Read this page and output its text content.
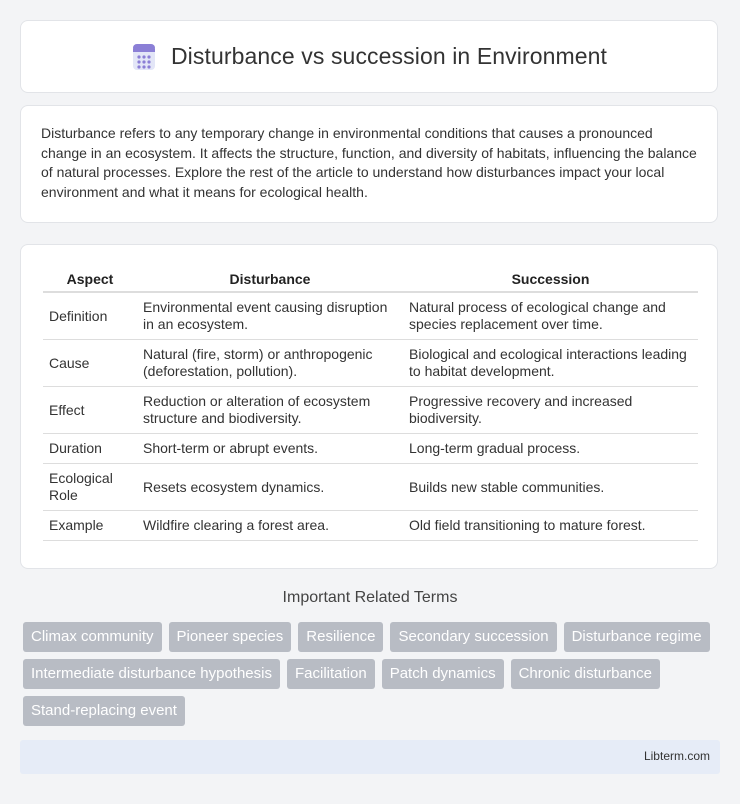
Disturbance vs succession in Environment

Disturbance refers to any temporary change in environmental conditions that causes a pronounced change in an ecosystem. It affects the structure, function, and diversity of habitats, influencing the balance of natural processes. Explore the rest of the article to understand how disturbances impact your local environment and what it means for ecological health.

Aspect	Disturbance	Succession
Definition	Environmental event causing disruption in an ecosystem.	Natural process of ecological change and species replacement over time.
Cause	Natural (fire, storm) or anthropogenic (deforestation, pollution).	Biological and ecological interactions leading to habitat development.
Effect	Reduction or alteration of ecosystem structure and biodiversity.	Progressive recovery and increased biodiversity.
Duration	Short-term or abrupt events.	Long-term gradual process.
Ecological Role	Resets ecosystem dynamics.	Builds new stable communities.
Example	Wildfire clearing a forest area.	Old field transitioning to mature forest.
Important Related Terms
Climax community	Pioneer species	Resilience	Secondary succession	Disturbance regime
Intermediate disturbance hypothesis	Facilitation	Patch dynamics	Chronic disturbance
Stand-replacing event
Libterm.com
